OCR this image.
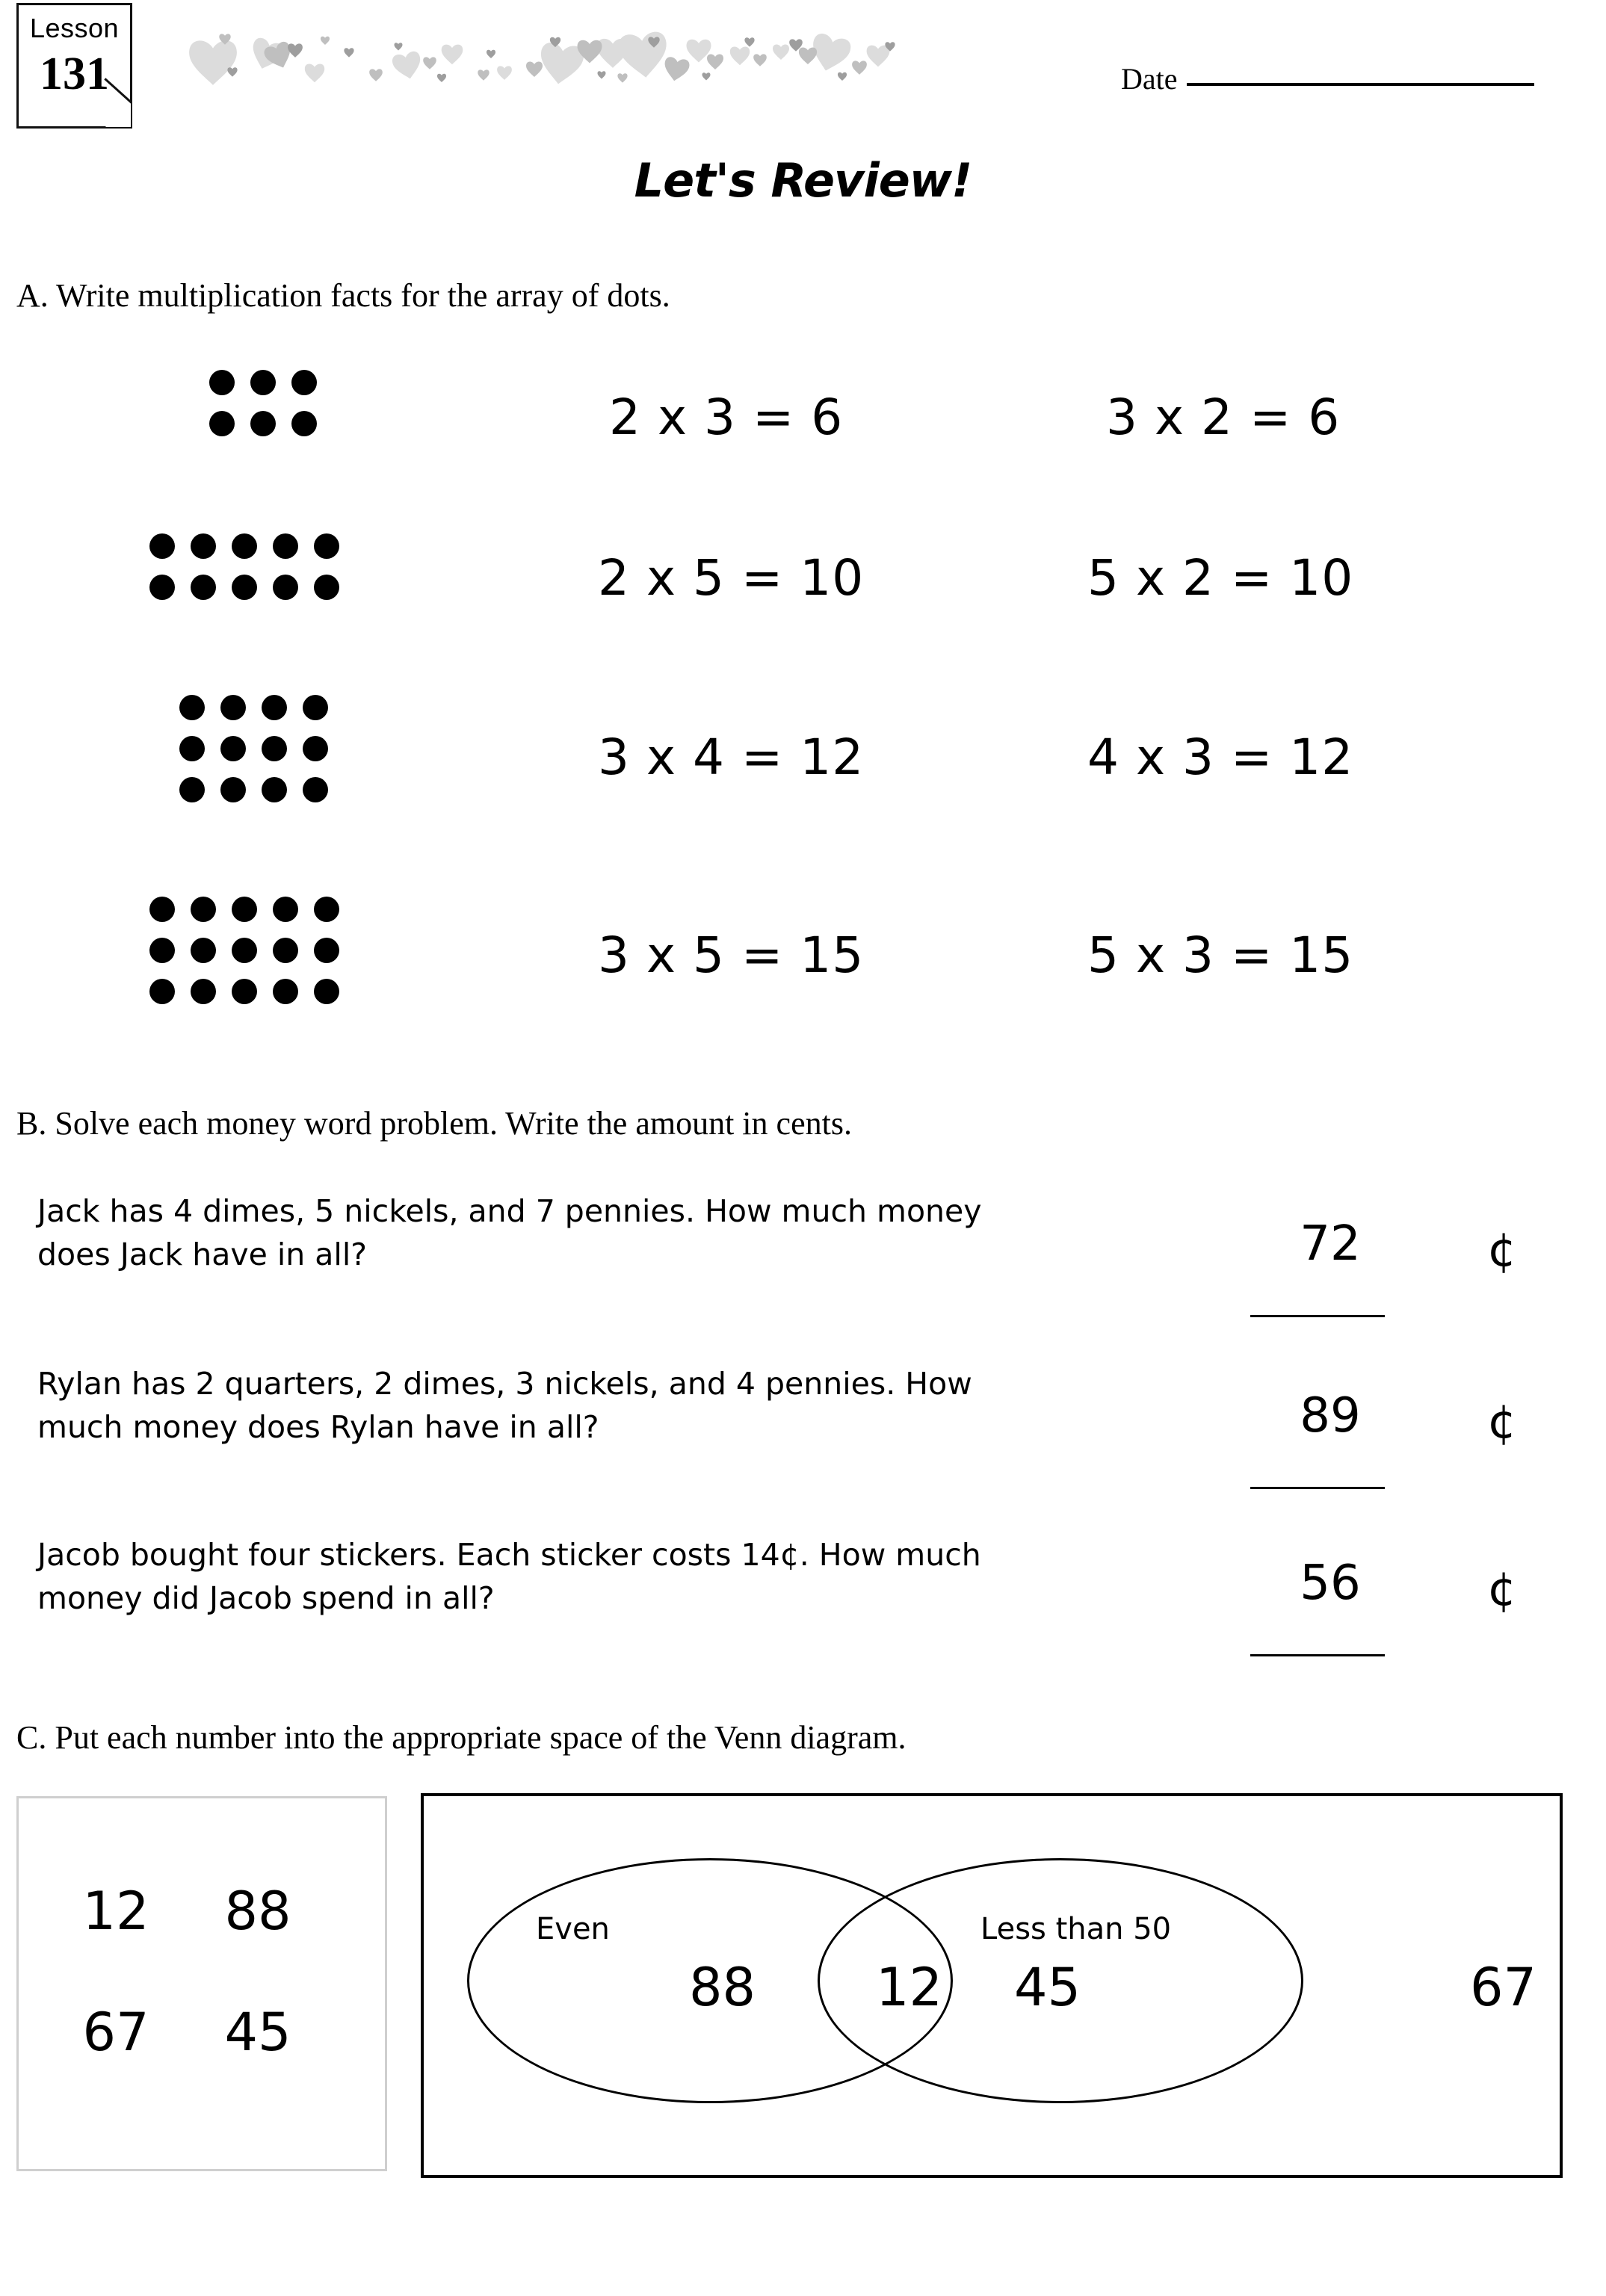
Lesson
131	Date
Let's Review!
A. Write multiplication facts for the array of dots.
2 x 3 = 6	3 x 2 = 6
2 x 5 = 10	5 x 2 = 10
3 x 4 = 12	4 x 3 = 12
3 x 5 = 15	5 x 3 = 15
B. Solve each money word problem. Write the amount in cents.
Jack has 4 dimes, 5 nickels, and 7 pennies. How much money
does Jack have in all?	72	¢
Rylan has 2 quarters, 2 dimes, 3 nickels, and 4 pennies. How
much money does Rylan have in all?	89	¢
Jacob bought four stickers. Each sticker costs 14¢. How much
money did Jacob spend in all?	56	¢
C. Put each number into the appropriate space of the Venn diagram.
12	88
67	45
Even	Less than 50
88 12 45	67
